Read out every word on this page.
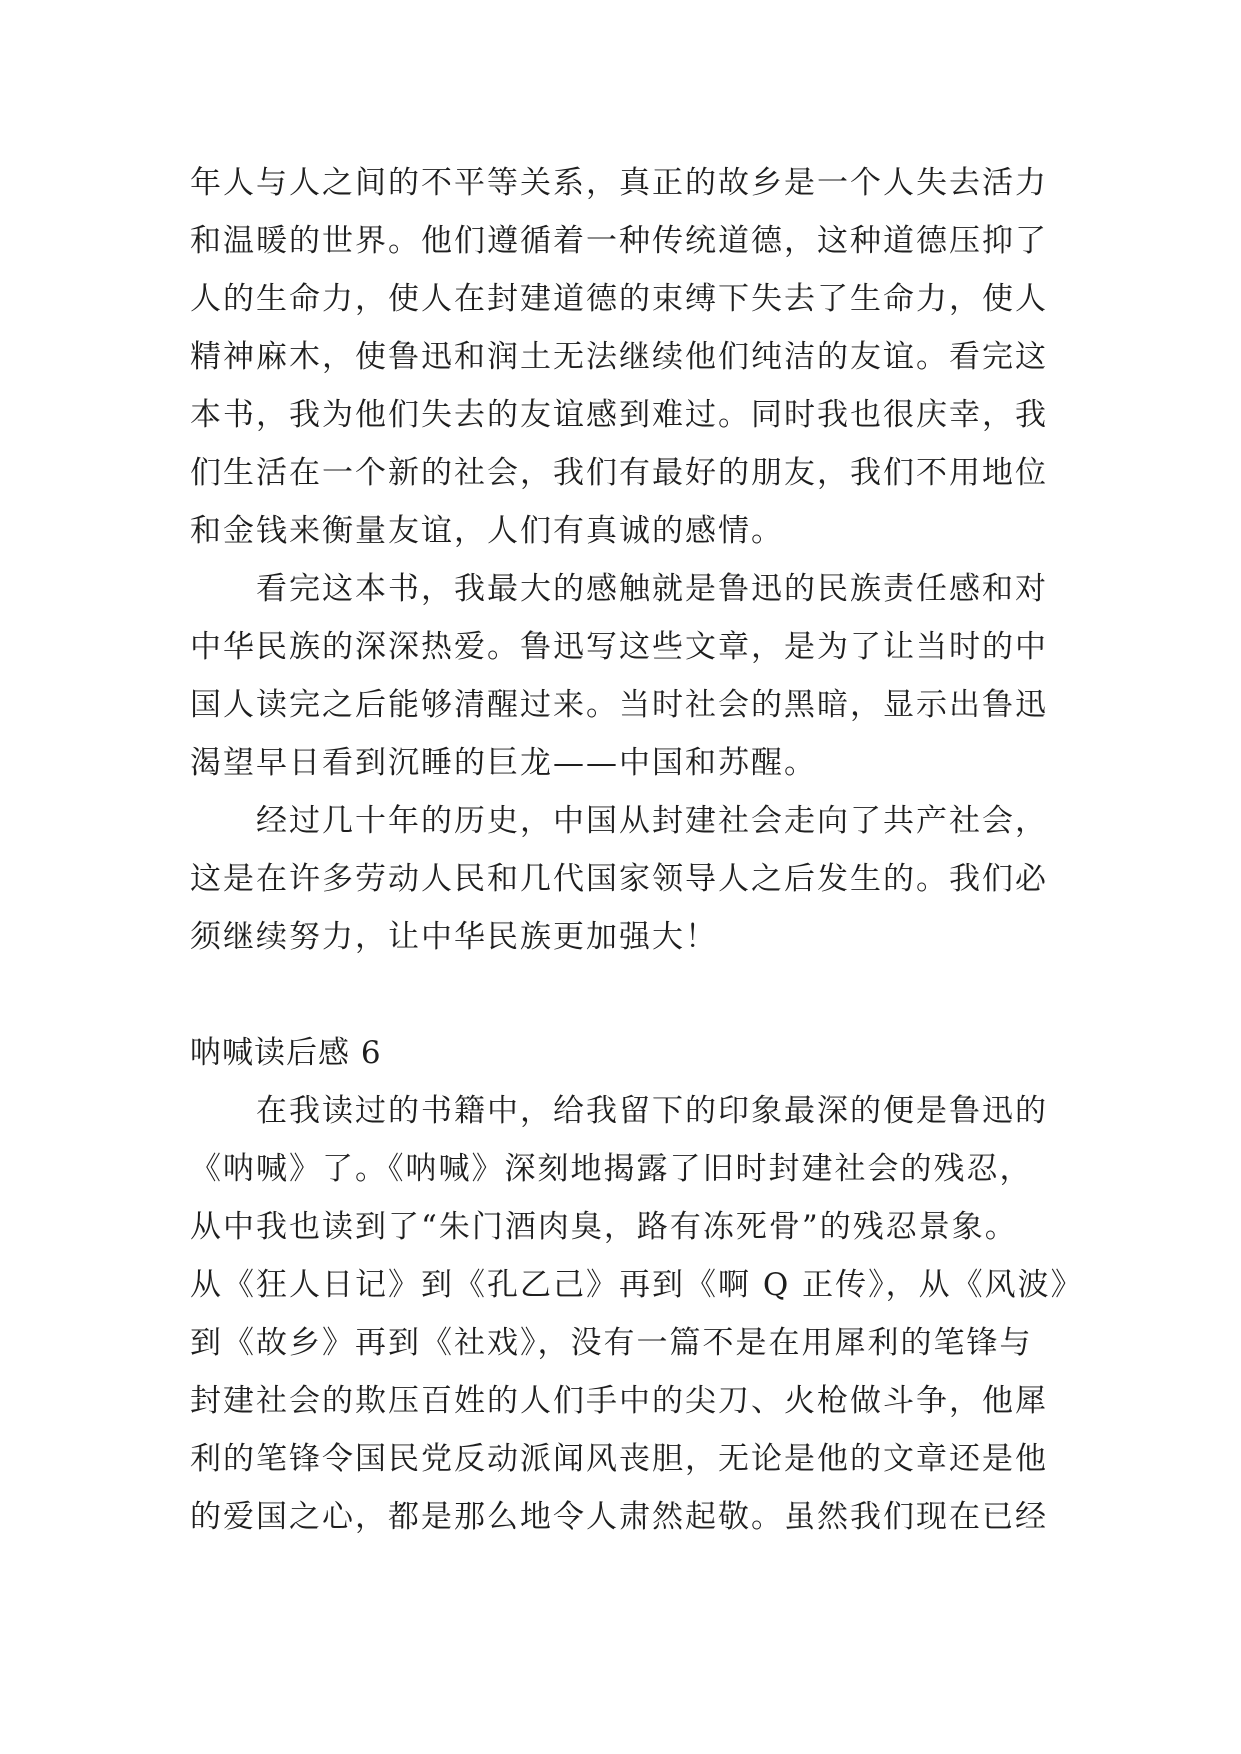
年人与人之间的不平等关系，真正的故乡是一个人失去活力
和温暖的世界。他们遵循着一种传统道德，这种道德压抑了
人的生命力，使人在封建道德的束缚下失去了生命力，使人
精神麻木，使鲁迅和润土无法继续他们纯洁的友谊。看完这
本书，我为他们失去的友谊感到难过。同时我也很庆幸，我
们生活在一个新的社会，我们有最好的朋友，我们不用地位
和金钱来衡量友谊，人们有真诚的感情。
看完这本书，我最大的感触就是鲁迅的民族责任感和对
中华民族的深深热爱。鲁迅写这些文章，是为了让当时的中
国人读完之后能够清醒过来。当时社会的黑暗，显示出鲁迅
渴望早日看到沉睡的巨龙——中国和苏醒。
经过几十年的历史，中国从封建社会走向了共产社会，
这是在许多劳动人民和几代国家领导人之后发生的。我们必
须继续努力，让中华民族更加强大！
呐喊读后感 6
在我读过的书籍中，给我留下的印象最深的便是鲁迅的
《呐喊》了。《呐喊》深刻地揭露了旧时封建社会的残忍，
从中我也读到了“朱门酒肉臭，路有冻死骨”的残忍景象。
从《狂人日记》到《孔乙己》再到《啊 Q 正传》，从《风波》
到《故乡》再到《社戏》，没有一篇不是在用犀利的笔锋与
封建社会的欺压百姓的人们手中的尖刀、火枪做斗争，他犀
利的笔锋令国民党反动派闻风丧胆，无论是他的文章还是他
的爱国之心，都是那么地令人肃然起敬。虽然我们现在已经
